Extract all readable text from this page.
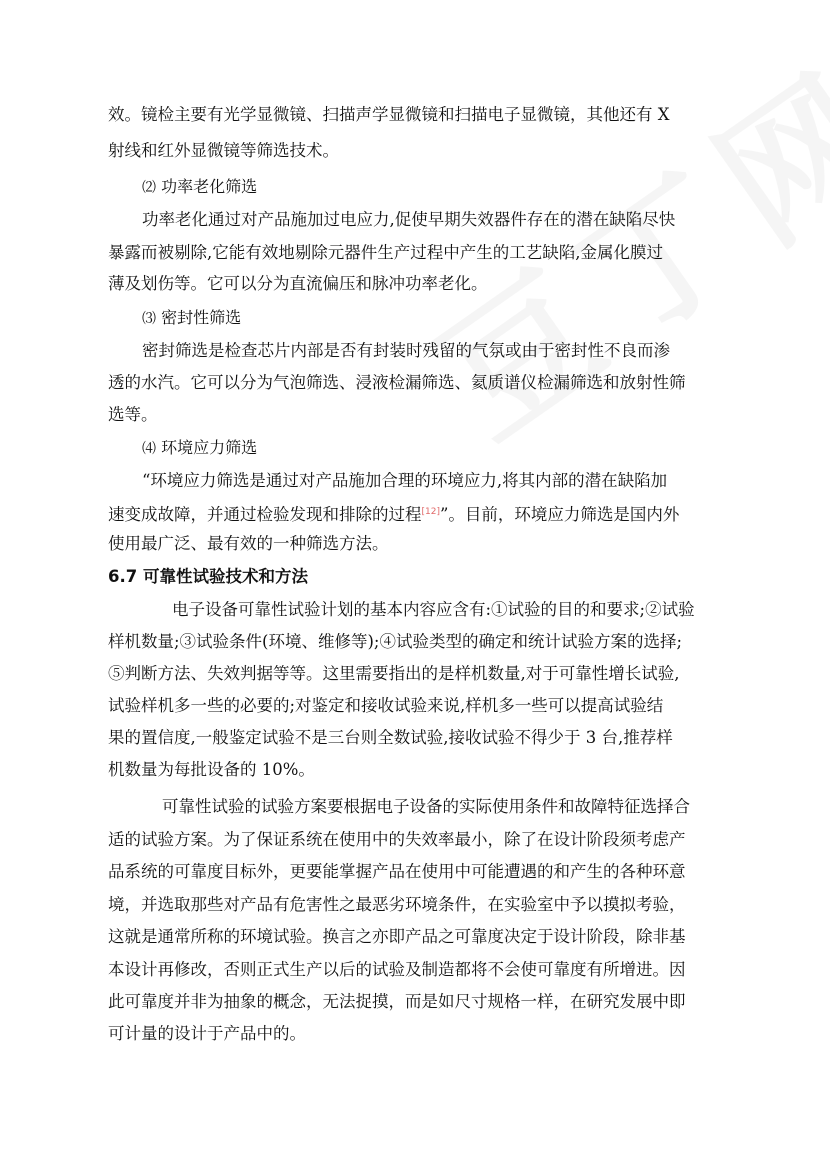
效。镜检主要有光学显微镜、扫描声学显微镜和扫描电子显微镜，其他还有 X

射线和红外显微镜等筛选技术。

⑵ 功率老化筛选

功率老化通过对产品施加过电应力,促使早期失效器件存在的潜在缺陷尽快

暴露而被剔除,它能有效地剔除元器件生产过程中产生的工艺缺陷,金属化膜过

薄及划伤等。它可以分为直流偏压和脉冲功率老化。

⑶ 密封性筛选

密封筛选是检查芯片内部是否有封装时残留的气氛或由于密封性不良而渗

透的水汽。它可以分为气泡筛选、浸液检漏筛选、氦质谱仪检漏筛选和放射性筛

选等。

⑷ 环境应力筛选

“环境应力筛选是通过对产品施加合理的环境应力,将其内部的潜在缺陷加

速变成故障，并通过检验发现和排除的过程[12]”。目前，环境应力筛选是国内外

使用最广泛、最有效的一种筛选方法。

6.7 可靠性试验技术和方法

电子设备可靠性试验计划的基本内容应含有:①试验的目的和要求;②试验

样机数量;③试验条件(环境、维修等);④试验类型的确定和统计试验方案的选择;

⑤判断方法、失效判据等等。这里需要指出的是样机数量,对于可靠性增长试验,

试验样机多一些的必要的;对鉴定和接收试验来说,样机多一些可以提高试验结

果的置信度,一般鉴定试验不是三台则全数试验,接收试验不得少于 3 台,推荐样

机数量为每批设备的 10%。

可靠性试验的试验方案要根据电子设备的实际使用条件和故障特征选择合

适的试验方案。为了保证系统在使用中的失效率最小，除了在设计阶段须考虑产

品系统的可靠度目标外，更要能掌握产品在使用中可能遭遇的和产生的各种环意

境，并选取那些对产品有危害性之最恶劣环境条件，在实验室中予以摸拟考验，

这就是通常所称的环境试验。换言之亦即产品之可靠度决定于设计阶段，除非基

本设计再修改，否则正式生产以后的试验及制造都将不会使可靠度有所增进。因

此可靠度并非为抽象的概念，无法捉摸，而是如尺寸规格一样，在研究发展中即

可计量的设计于产品中的。
